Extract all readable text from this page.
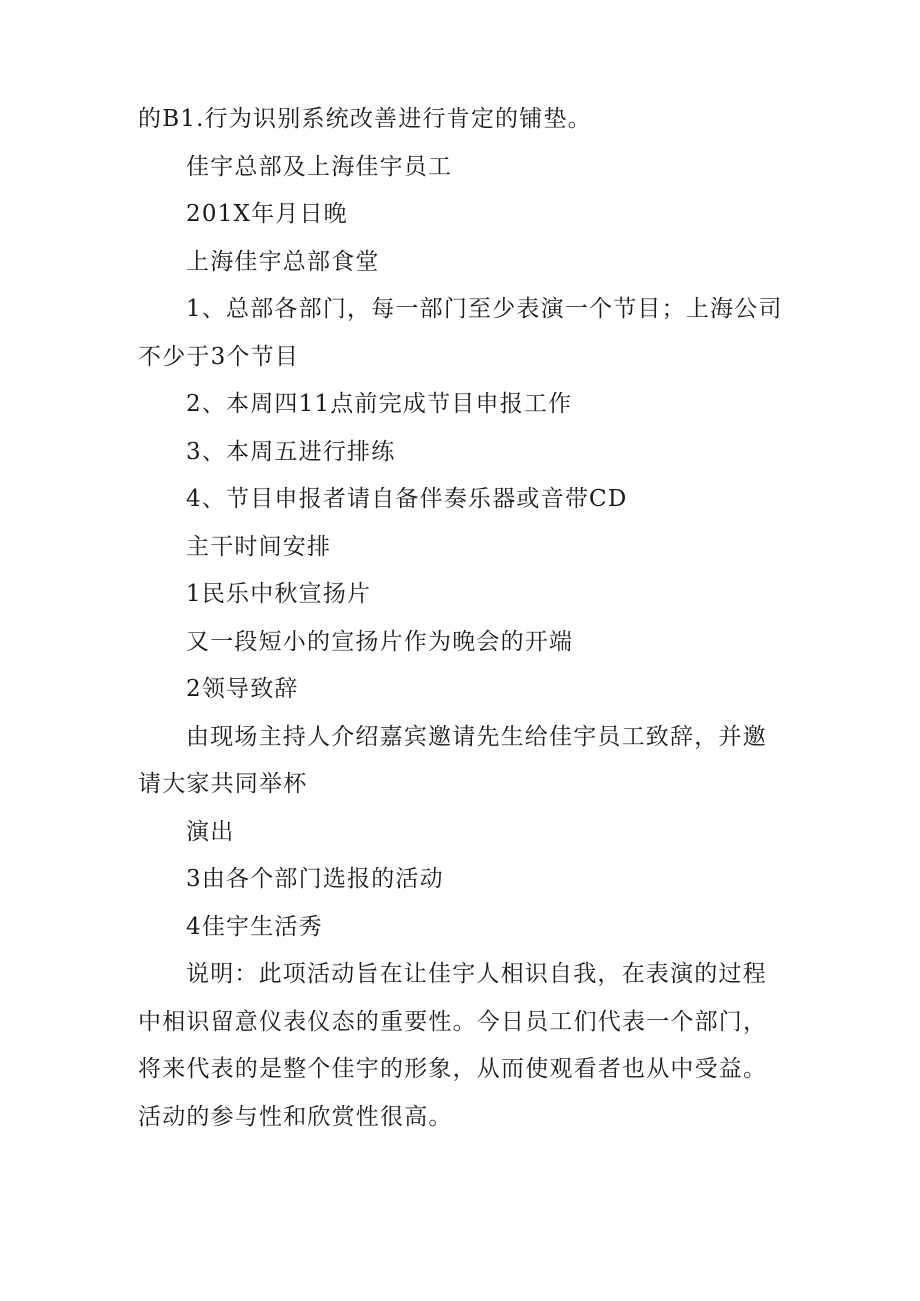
的B1.行为识别系统改善进行肯定的铺垫。

佳宇总部及上海佳宇员工

201X年月日晚

上海佳宇总部食堂

1、总部各部门，每一部门至少表演一个节目；上海公司不少于3个节目

2、本周四11点前完成节目申报工作

3、本周五进行排练

4、节目申报者请自备伴奏乐器或音带CD

主干时间安排

1民乐中秋宣扬片

又一段短小的宣扬片作为晚会的开端

2领导致辞

由现场主持人介绍嘉宾邀请先生给佳宇员工致辞，并邀请大家共同举杯

演出

3由各个部门选报的活动

4佳宇生活秀

说明：此项活动旨在让佳宇人相识自我，在表演的过程中相识留意仪表仪态的重要性。今日员工们代表一个部门，将来代表的是整个佳宇的形象，从而使观看者也从中受益。活动的参与性和欣赏性很高。
